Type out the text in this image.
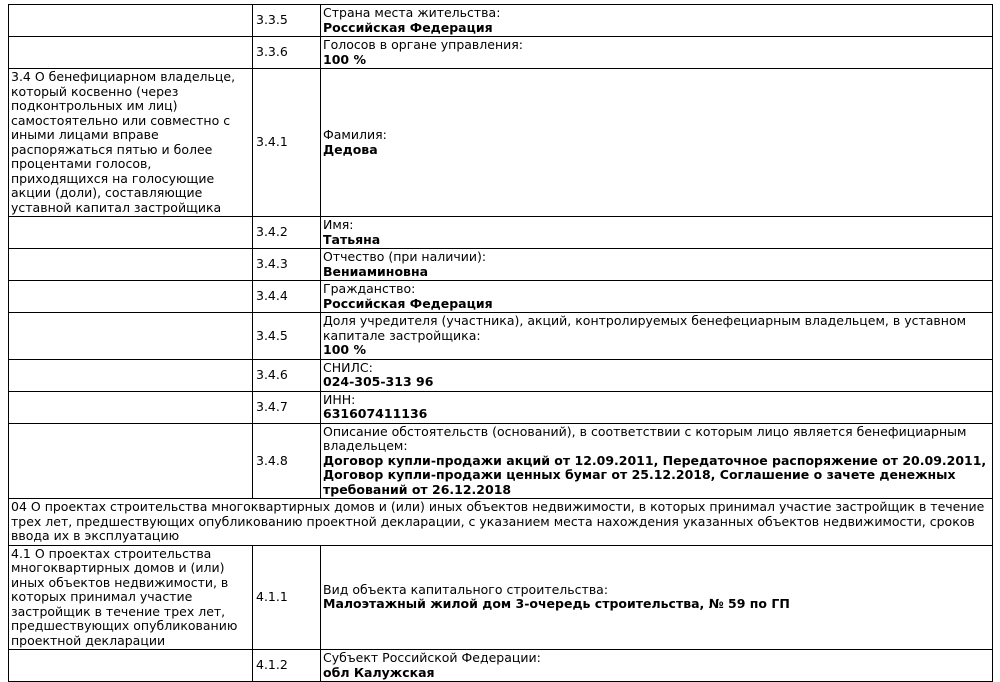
	3.3.5	Страна места жительства:
Российская Федерация

	3.3.6	Голосов в органе управления:
100 %

3.4 О бенефициарном владельце, который косвенно (через подконтрольных им лиц) самостоятельно или совместно с иными лицами вправе распоряжаться пятью и более процентами голосов, приходящихся на голосующие акции (доли), составляющие уставной капитал застройщика	3.4.1	Фамилия:
Дедова

	3.4.2	Имя:
Татьяна

	3.4.3	Отчество (при наличии):
Вениаминовна

	3.4.4	Гражданство:
Российская Федерация

	3.4.5	Доля учредителя (участника), акций, контролируемых бенефециарным владельцем, в уставном капитале застройщика:
100 %

	3.4.6	СНИЛС:
024-305-313 96

	3.4.7	ИНН:
631607411136

	3.4.8	Описание обстоятельств (оснований), в соответствии с которым лицо является бенефициарным владельцем:
Договор купли-продажи акций от 12.09.2011, Передаточное распоряжение от 20.09.2011, Договор купли-продажи ценных бумаг от 25.12.2018, Соглашение о зачете денежных требований от 26.12.2018

04 О проектах строительства многоквартирных домов и (или) иных объектов недвижимости, в которых принимал участие застройщик в течение трех лет, предшествующих опубликованию проектной декларации, с указанием места нахождения указанных объектов недвижимости, сроков ввода их в эксплуатацию		
4.1 О проектах строительства многоквартирных домов и (или) иных объектов недвижимости, в которых принимал участие застройщик в течение трех лет, предшествующих опубликованию проектной декларации	4.1.1	Вид объекта капитального строительства:
Малоэтажный жилой дом 3-очередь строительства, № 59 по ГП

	4.1.2	Субъект Российской Федерации:
обл Калужская
